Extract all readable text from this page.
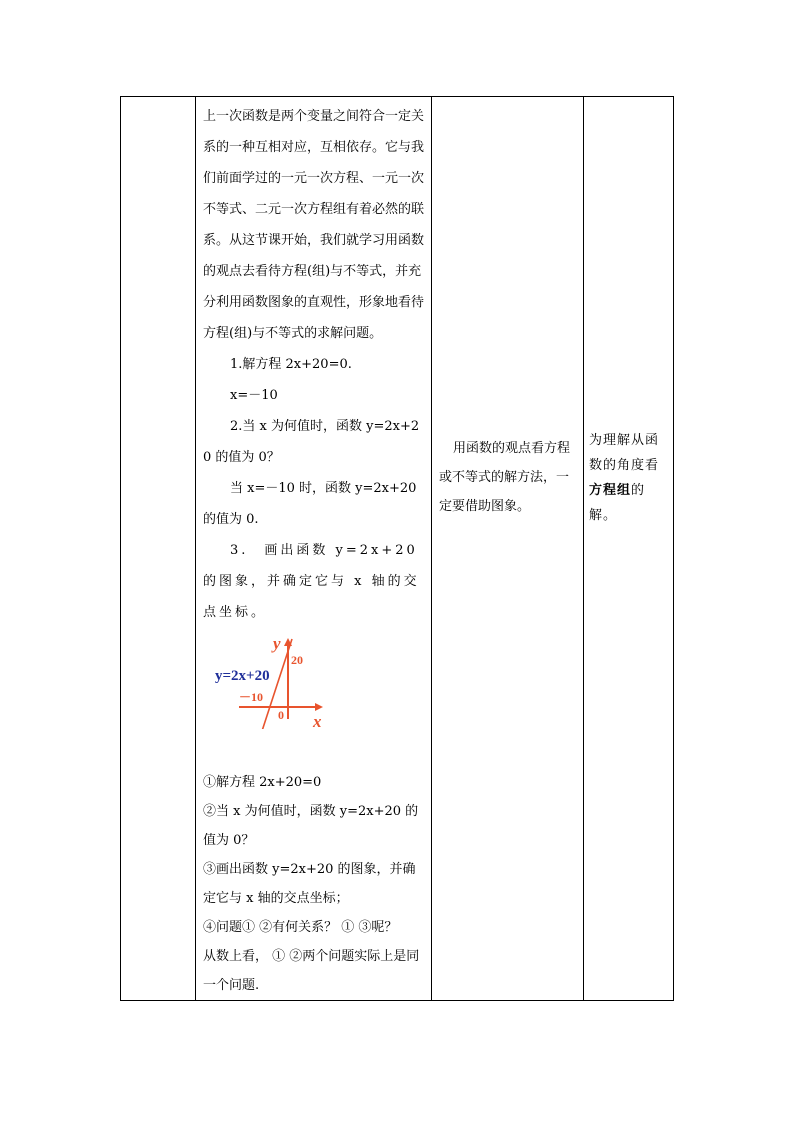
上一次函数是两个变量之间符合一定关系的一种互相对应，互相依存。它与我们前面学过的一元一次方程、一元一次不等式、二元一次方程组有着必然的联系。从这节课开始，我们就学习用函数的观点去看待方程(组)与不等式，并充分利用函数图象的直观性，形象地看待方程(组)与不等式的求解问题。

1.解方程 2x+20=0.

x=－10

2.当 x 为何值时，函数 y=2x+20 的值为 0？

当 x=－10 时，函数 y=2x+20 的值为 0.

3.　画出函数 y=2x+20 的图象，并确定它与 x 轴的交点坐标。

y
20
y=2x+20
－10
0 x

①解方程 2x+20=0

②当 x 为何值时，函数 y=2x+20 的值为 0？

③画出函数 y=2x+20 的图象，并确定它与 x 轴的交点坐标；

④问题① ②有何关系？ ① ③呢？

从数上看， ① ②两个问题实际上是同一个问题.

用函数的观点看方程或不等式的解方法，一定要借助图象。

为理解从函数的角度看方程组的解。
